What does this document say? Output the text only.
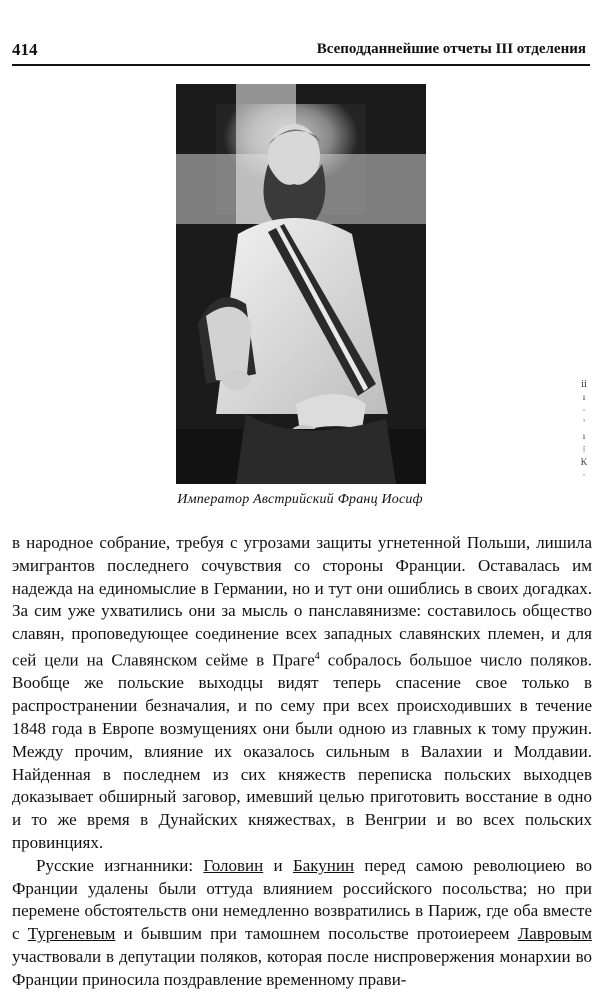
414	Всеподданнейшие отчеты III отделения
Император Австрийский Франц Иосиф
ⅱ
ı
·
'
ı
⁝
K
·

в народное собрание, требуя с угрозами защиты угнетенной Польши, лишила эмигрантов последнего сочувствия со стороны Франции. Оставалась им надежда на единомыслие в Германии, но и тут они ошиблись в своих догадках. За сим уже ухватились они за мысль о панславянизме: составилось общество славян, проповедующее соединение всех западных славянских племен, и для сей цели на Славянском сейме в Праге$^4$ собралось большое число поляков. Вообще же польские выходцы видят теперь спасение свое только в распространении безначалия, и по сему при всех происходивших в течение 1848 года в Европе возмущениях они были одною из главных к тому пружин. Между прочим, влияние их оказалось сильным в Валахии и Молдавии. Найденная в последнем из сих княжеств переписка польских выходцев доказывает обширный заговор, имевший целью приготовить восстание в одно и то же время в Дунайских княжествах, в Венгрии и во всех польских провинциях.

Русские изгнанники: Головин и Бакунин перед самою революциею во Франции удалены были оттуда влиянием российского посольства; но при перемене обстоятельств они немедленно возвратились в Париж, где оба вместе с Тургеневым и бывшим при тамошнем посольстве протоиереем Лавровым участвовали в депутации поляков, которая после ниспровержения монархии во Франции приносила поздравление временному прави-
